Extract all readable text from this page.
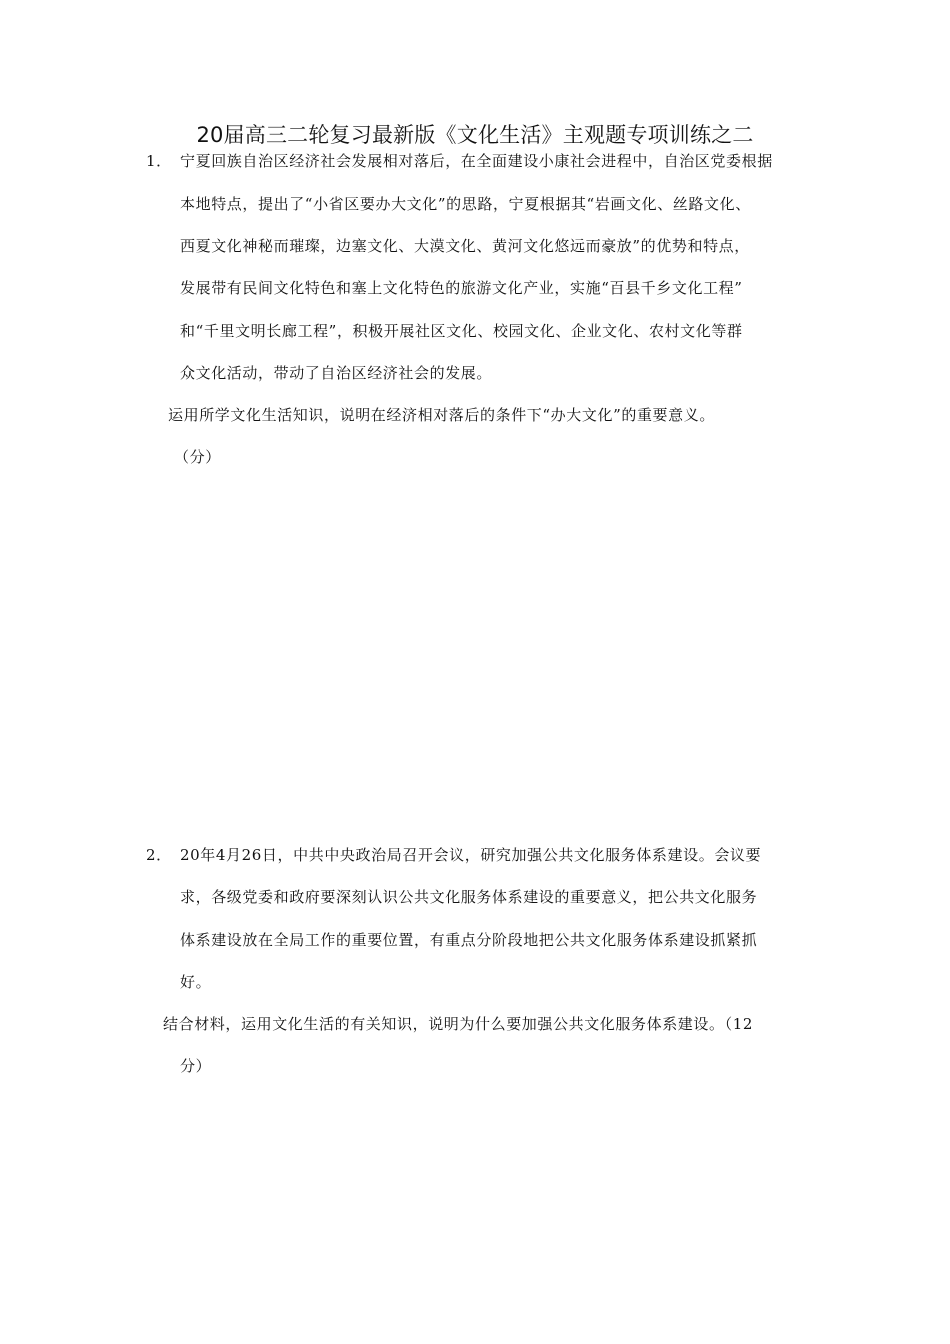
20届高三二轮复习最新版《文化生活》主观题专项训练之二
1． 宁夏回族自治区经济社会发展相对落后，在全面建设小康社会进程中，自治区党委根据
本地特点，提出了“小省区要办大文化”的思路，宁夏根据其“岩画文化、丝路文化、
西夏文化神秘而璀璨，边塞文化、大漠文化、黄河文化悠远而豪放”的优势和特点，
发展带有民间文化特色和塞上文化特色的旅游文化产业，实施“百县千乡文化工程”
和“千里文明长廊工程”，积极开展社区文化、校园文化、企业文化、农村文化等群
众文化活动，带动了自治区经济社会的发展。
运用所学文化生活知识，说明在经济相对落后的条件下“办大文化”的重要意义。
（分）
2． 20年4月26日，中共中央政治局召开会议，研究加强公共文化服务体系建设。会议要
求，各级党委和政府要深刻认识公共文化服务体系建设的重要意义，把公共文化服务
体系建设放在全局工作的重要位置，有重点分阶段地把公共文化服务体系建设抓紧抓
好。
结合材料，运用文化生活的有关知识，说明为什么要加强公共文化服务体系建设。（12
分）
